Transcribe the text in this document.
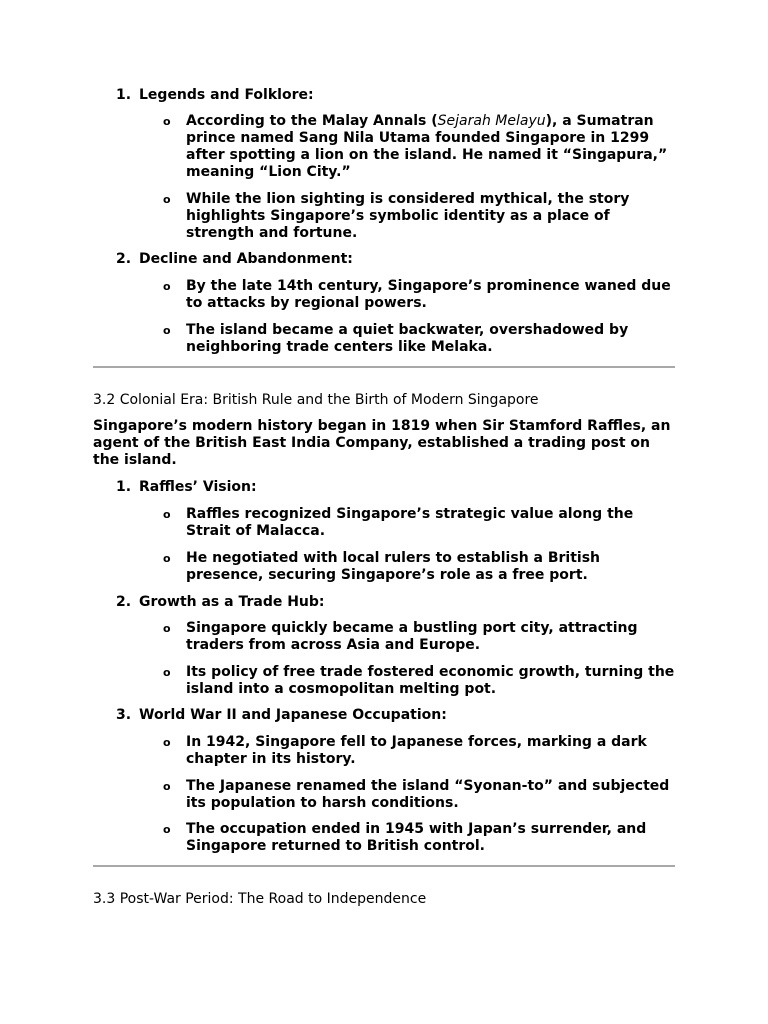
1. Legends and Folklore:
o According to the Malay Annals (Sejarah Melayu), a Sumatran prince named Sang Nila Utama founded Singapore in 1299 after spotting a lion on the island. He named it “Singapura,” meaning “Lion City.”
o While the lion sighting is considered mythical, the story highlights Singapore’s symbolic identity as a place of strength and fortune.
2. Decline and Abandonment:
o By the late 14th century, Singapore’s prominence waned due to attacks by regional powers.
o The island became a quiet backwater, overshadowed by neighboring trade centers like Melaka.
3.2 Colonial Era: British Rule and the Birth of Modern Singapore
Singapore’s modern history began in 1819 when Sir Stamford Raffles, an agent of the British East India Company, established a trading post on the island.
1. Raffles’ Vision:
o Raffles recognized Singapore’s strategic value along the Strait of Malacca.
o He negotiated with local rulers to establish a British presence, securing Singapore’s role as a free port.
2. Growth as a Trade Hub:
o Singapore quickly became a bustling port city, attracting traders from across Asia and Europe.
o Its policy of free trade fostered economic growth, turning the island into a cosmopolitan melting pot.
3. World War II and Japanese Occupation:
o In 1942, Singapore fell to Japanese forces, marking a dark chapter in its history.
o The Japanese renamed the island “Syonan-to” and subjected its population to harsh conditions.
o The occupation ended in 1945 with Japan’s surrender, and Singapore returned to British control.
3.3 Post-War Period: The Road to Independence
